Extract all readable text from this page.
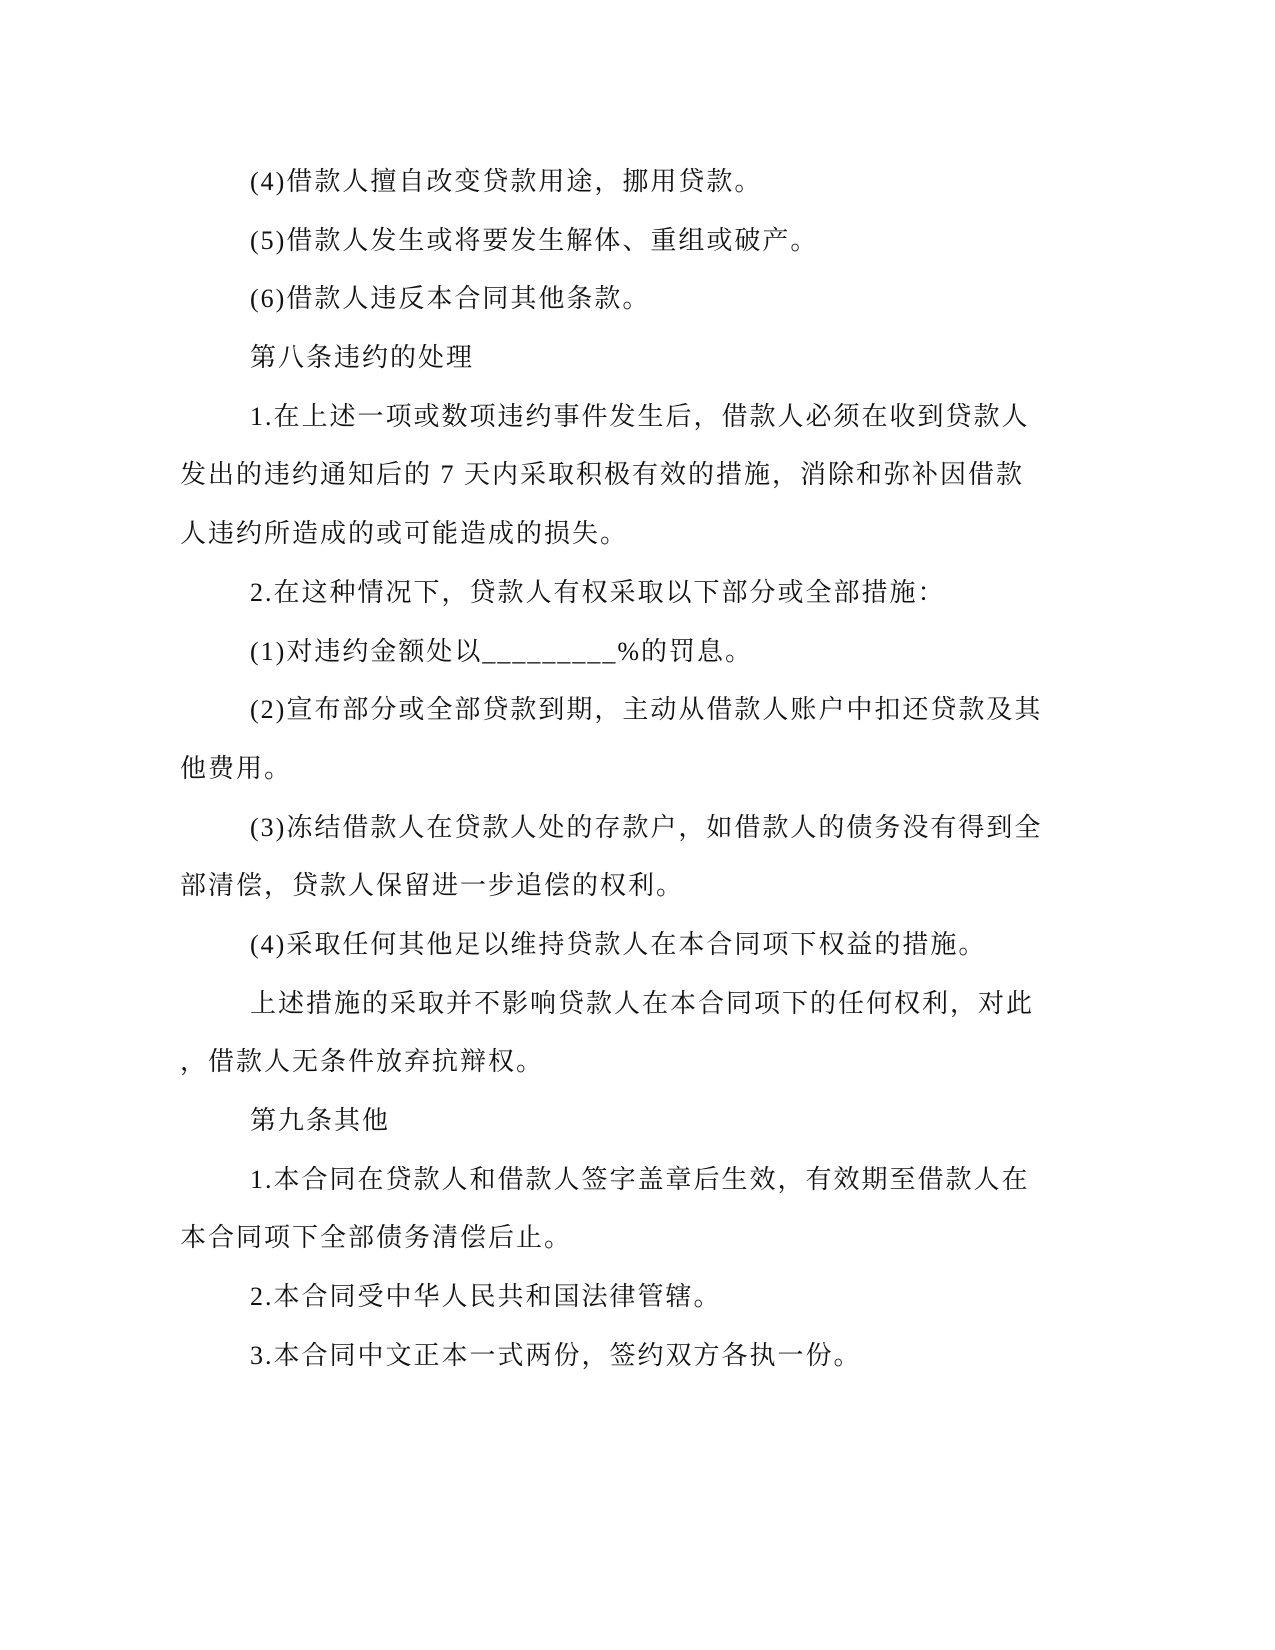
(4)借款人擅自改变贷款用途，挪用贷款。
(5)借款人发生或将要发生解体、重组或破产。
(6)借款人违反本合同其他条款。
第八条违约的处理
1.在上述一项或数项违约事件发生后，借款人必须在收到贷款人
发出的违约通知后的 7 天内采取积极有效的措施，消除和弥补因借款
人违约所造成的或可能造成的损失。
2.在这种情况下，贷款人有权采取以下部分或全部措施：
(1)对违约金额处以_________%的罚息。
(2)宣布部分或全部贷款到期，主动从借款人账户中扣还贷款及其
他费用。
(3)冻结借款人在贷款人处的存款户，如借款人的债务没有得到全
部清偿，贷款人保留进一步追偿的权利。
(4)采取任何其他足以维持贷款人在本合同项下权益的措施。
上述措施的采取并不影响贷款人在本合同项下的任何权利，对此
，借款人无条件放弃抗辩权。
第九条其他
1.本合同在贷款人和借款人签字盖章后生效，有效期至借款人在
本合同项下全部债务清偿后止。
2.本合同受中华人民共和国法律管辖。
3.本合同中文正本一式两份，签约双方各执一份。
